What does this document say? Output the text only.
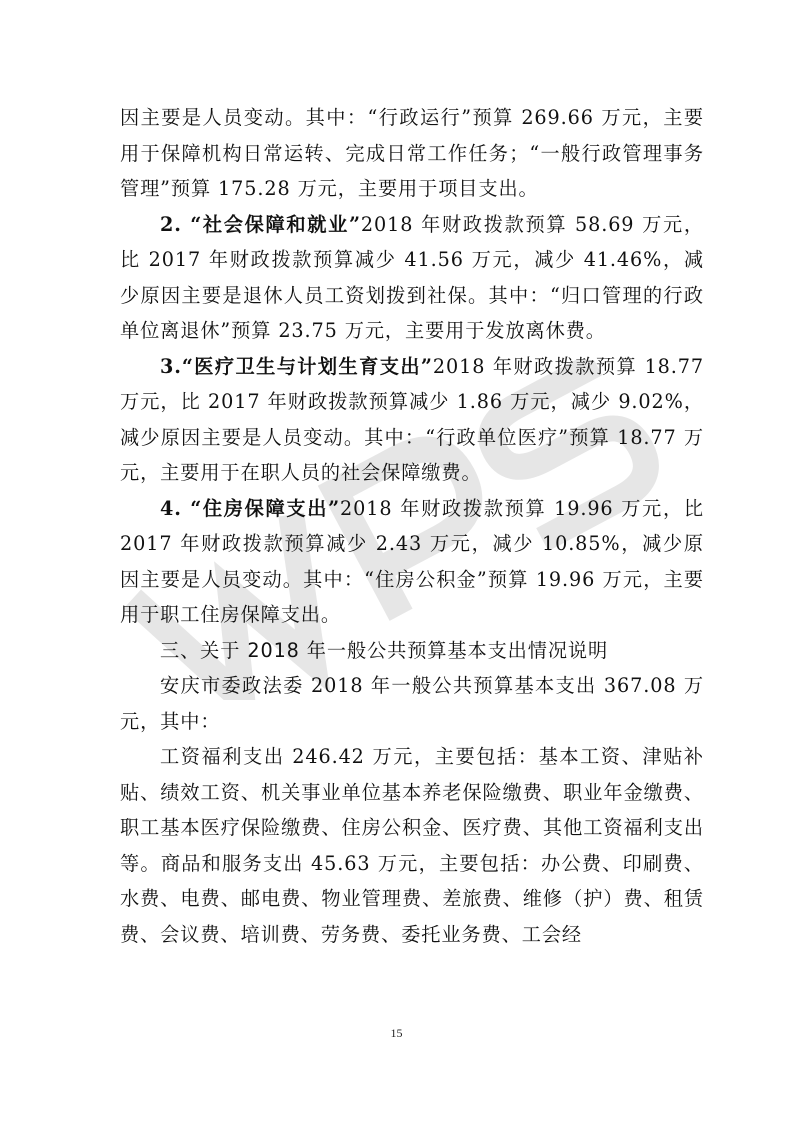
因主要是人员变动。其中：“行政运行”预算 269.66 万元，主要用于保障机构日常运转、完成日常工作任务；“一般行政管理事务管理”预算 175.28 万元，主要用于项目支出。

2. “社会保障和就业”2018 年财政拨款预算 58.69 万元，比 2017 年财政拨款预算减少 41.56 万元，减少 41.46%，减少原因主要是退休人员工资划拨到社保。其中：“归口管理的行政单位离退休”预算 23.75 万元，主要用于发放离休费。

3.“医疗卫生与计划生育支出”2018 年财政拨款预算 18.77 万元，比 2017 年财政拨款预算减少 1.86 万元，减少 9.02%，减少原因主要是人员变动。其中：“行政单位医疗”预算 18.77 万元，主要用于在职人员的社会保障缴费。

4. “住房保障支出”2018 年财政拨款预算 19.96 万元，比 2017 年财政拨款预算减少 2.43 万元，减少 10.85%，减少原因主要是人员变动。其中：“住房公积金”预算 19.96 万元，主要用于职工住房保障支出。

三、关于 2018 年一般公共预算基本支出情况说明

安庆市委政法委 2018 年一般公共预算基本支出 367.08 万元，其中：

工资福利支出 246.42 万元，主要包括：基本工资、津贴补贴、绩效工资、机关事业单位基本养老保险缴费、职业年金缴费、职工基本医疗保险缴费、住房公积金、医疗费、其他工资福利支出等。商品和服务支出 45.63 万元，主要包括：办公费、印刷费、水费、电费、邮电费、物业管理费、差旅费、维修（护）费、租赁费、会议费、培训费、劳务费、委托业务费、工会经

15
